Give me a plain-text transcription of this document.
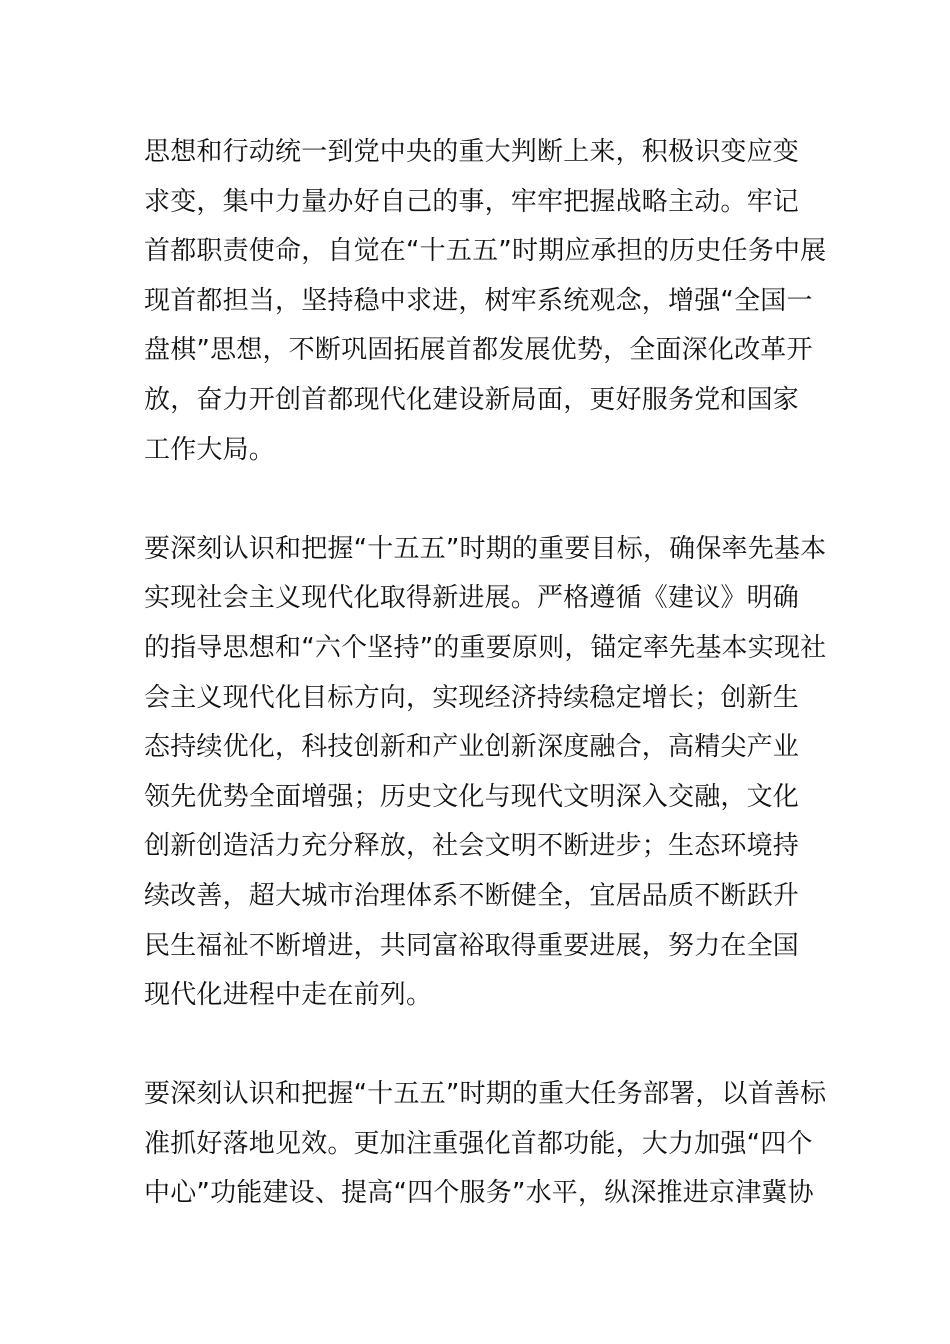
思想和行动统一到党中央的重大判断上来，积极识变应变
求变，集中力量办好自己的事，牢牢把握战略主动。牢记
首都职责使命，自觉在“十五五”时期应承担的历史任务中展
现首都担当，坚持稳中求进，树牢系统观念，增强“全国一
盘棋”思想，不断巩固拓展首都发展优势，全面深化改革开
放，奋力开创首都现代化建设新局面，更好服务党和国家
工作大局。

要深刻认识和把握“十五五”时期的重要目标，确保率先基本
实现社会主义现代化取得新进展。严格遵循《建议》明确
的指导思想和“六个坚持”的重要原则，锚定率先基本实现社
会主义现代化目标方向，实现经济持续稳定增长；创新生
态持续优化，科技创新和产业创新深度融合，高精尖产业
领先优势全面增强；历史文化与现代文明深入交融，文化
创新创造活力充分释放，社会文明不断进步；生态环境持
续改善，超大城市治理体系不断健全，宜居品质不断跃升
民生福祉不断增进，共同富裕取得重要进展，努力在全国
现代化进程中走在前列。

要深刻认识和把握“十五五”时期的重大任务部署，以首善标
准抓好落地见效。更加注重强化首都功能，大力加强“四个
中心”功能建设、提高“四个服务”水平，纵深推进京津冀协
